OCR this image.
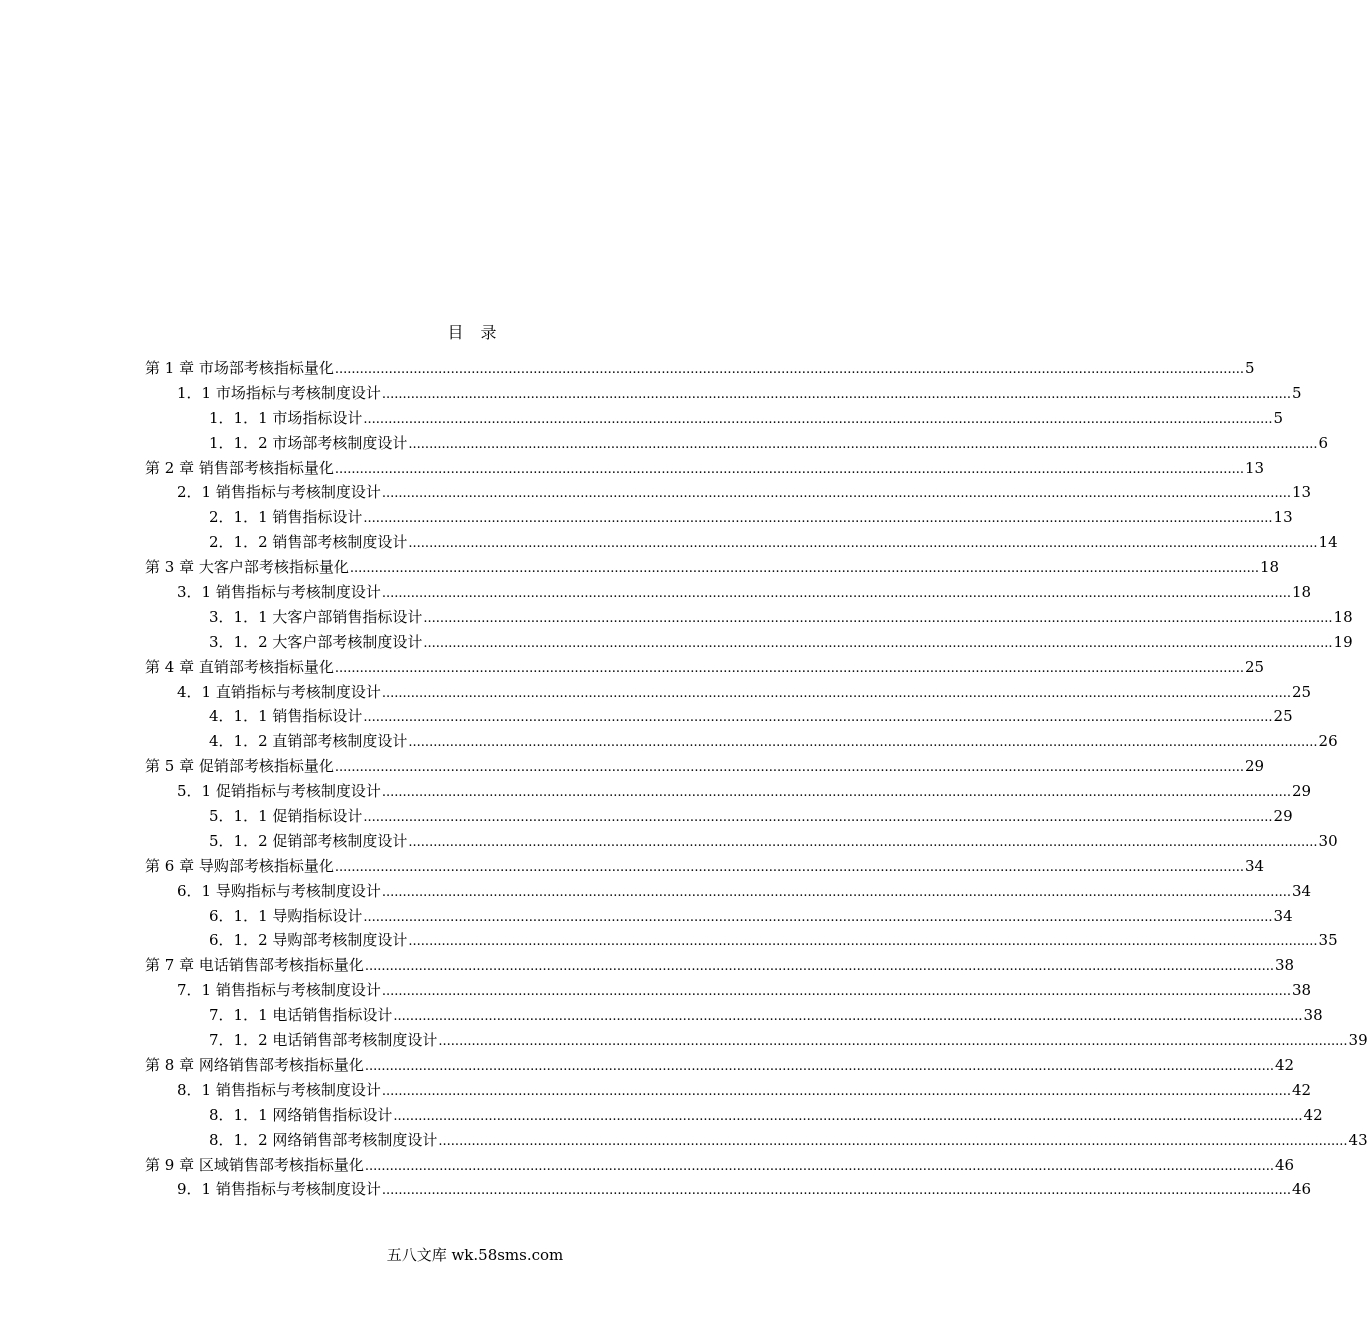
目 录
第 1 章 市场部考核指标量化 ............................................................................................................................................................................................................................ 5
1．1 市场指标与考核制度设计 ............................................................................................................................................................................................................................ 5
1．1．1 市场指标设计 ............................................................................................................................................................................................................................ 5
1．1．2 市场部考核制度设计 ............................................................................................................................................................................................................................ 6
第 2 章 销售部考核指标量化 ............................................................................................................................................................................................................................ 13
2．1 销售指标与考核制度设计 ............................................................................................................................................................................................................................ 13
2．1．1 销售指标设计 ............................................................................................................................................................................................................................ 13
2．1．2 销售部考核制度设计 ............................................................................................................................................................................................................................ 14
第 3 章 大客户部考核指标量化 ............................................................................................................................................................................................................................ 18
3．1 销售指标与考核制度设计 ............................................................................................................................................................................................................................ 18
3．1．1 大客户部销售指标设计 ............................................................................................................................................................................................................................ 18
3．1．2 大客户部考核制度设计 ............................................................................................................................................................................................................................ 19
第 4 章 直销部考核指标量化 ............................................................................................................................................................................................................................ 25
4．1 直销指标与考核制度设计 ............................................................................................................................................................................................................................ 25
4．1．1 销售指标设计 ............................................................................................................................................................................................................................ 25
4．1．2 直销部考核制度设计 ............................................................................................................................................................................................................................ 26
第 5 章 促销部考核指标量化 ............................................................................................................................................................................................................................ 29
5．1 促销指标与考核制度设计 ............................................................................................................................................................................................................................ 29
5．1．1 促销指标设计 ............................................................................................................................................................................................................................ 29
5．1．2 促销部考核制度设计 ............................................................................................................................................................................................................................ 30
第 6 章 导购部考核指标量化 ............................................................................................................................................................................................................................ 34
6．1 导购指标与考核制度设计 ............................................................................................................................................................................................................................ 34
6．1．1 导购指标设计 ............................................................................................................................................................................................................................ 34
6．1．2 导购部考核制度设计 ............................................................................................................................................................................................................................ 35
第 7 章 电话销售部考核指标量化 ............................................................................................................................................................................................................................ 38
7．1 销售指标与考核制度设计 ............................................................................................................................................................................................................................ 38
7．1．1 电话销售指标设计 ............................................................................................................................................................................................................................ 38
7．1．2 电话销售部考核制度设计 ............................................................................................................................................................................................................................ 39
第 8 章 网络销售部考核指标量化 ............................................................................................................................................................................................................................ 42
8．1 销售指标与考核制度设计 ............................................................................................................................................................................................................................ 42
8．1．1 网络销售指标设计 ............................................................................................................................................................................................................................ 42
8．1．2 网络销售部考核制度设计 ............................................................................................................................................................................................................................ 43
第 9 章 区域销售部考核指标量化 ............................................................................................................................................................................................................................ 46
9．1 销售指标与考核制度设计 ............................................................................................................................................................................................................................ 46
五八文库 wk.58sms.com
